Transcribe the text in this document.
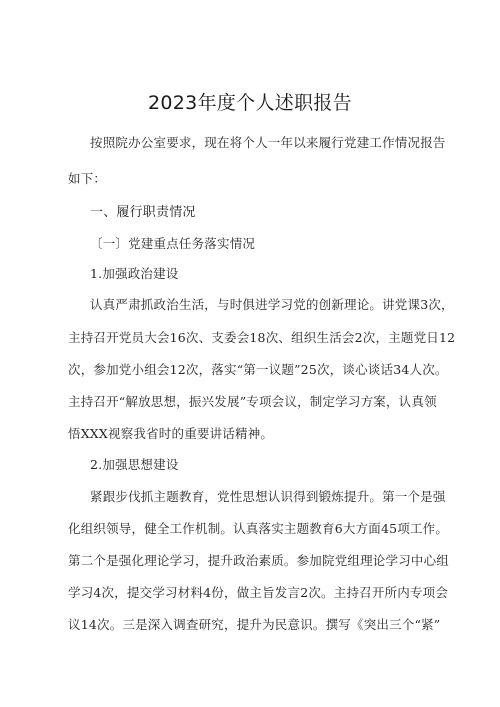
2023年度个人述职报告
按照院办公室要求，现在将个人一年以来履行党建工作情况报告
如下：
一、履行职责情况
〔一〕党建重点任务落实情况
1.加强政治建设
认真严肃抓政治生活，与时俱进学习党的创新理论。讲党课3次，
主持召开党员大会16次、支委会18次、组织生活会2次，主题党日12
次，参加党小组会12次，落实“第一议题”25次，谈心谈话34人次。
主持召开“解放思想，振兴发展”专项会议，制定学习方案，认真领
悟XXX视察我省时的重要讲话精神。
2.加强思想建设
紧跟步伐抓主题教育，党性思想认识得到锻炼提升。第一个是强
化组织领导，健全工作机制。认真落实主题教育6大方面45项工作。
第二个是强化理论学习，提升政治素质。参加院党组理论学习中心组
学习4次，提交学习材料4份，做主旨发言2次。主持召开所内专项会
议14次。三是深入调查研究，提升为民意识。撰写《突出三个“紧”
